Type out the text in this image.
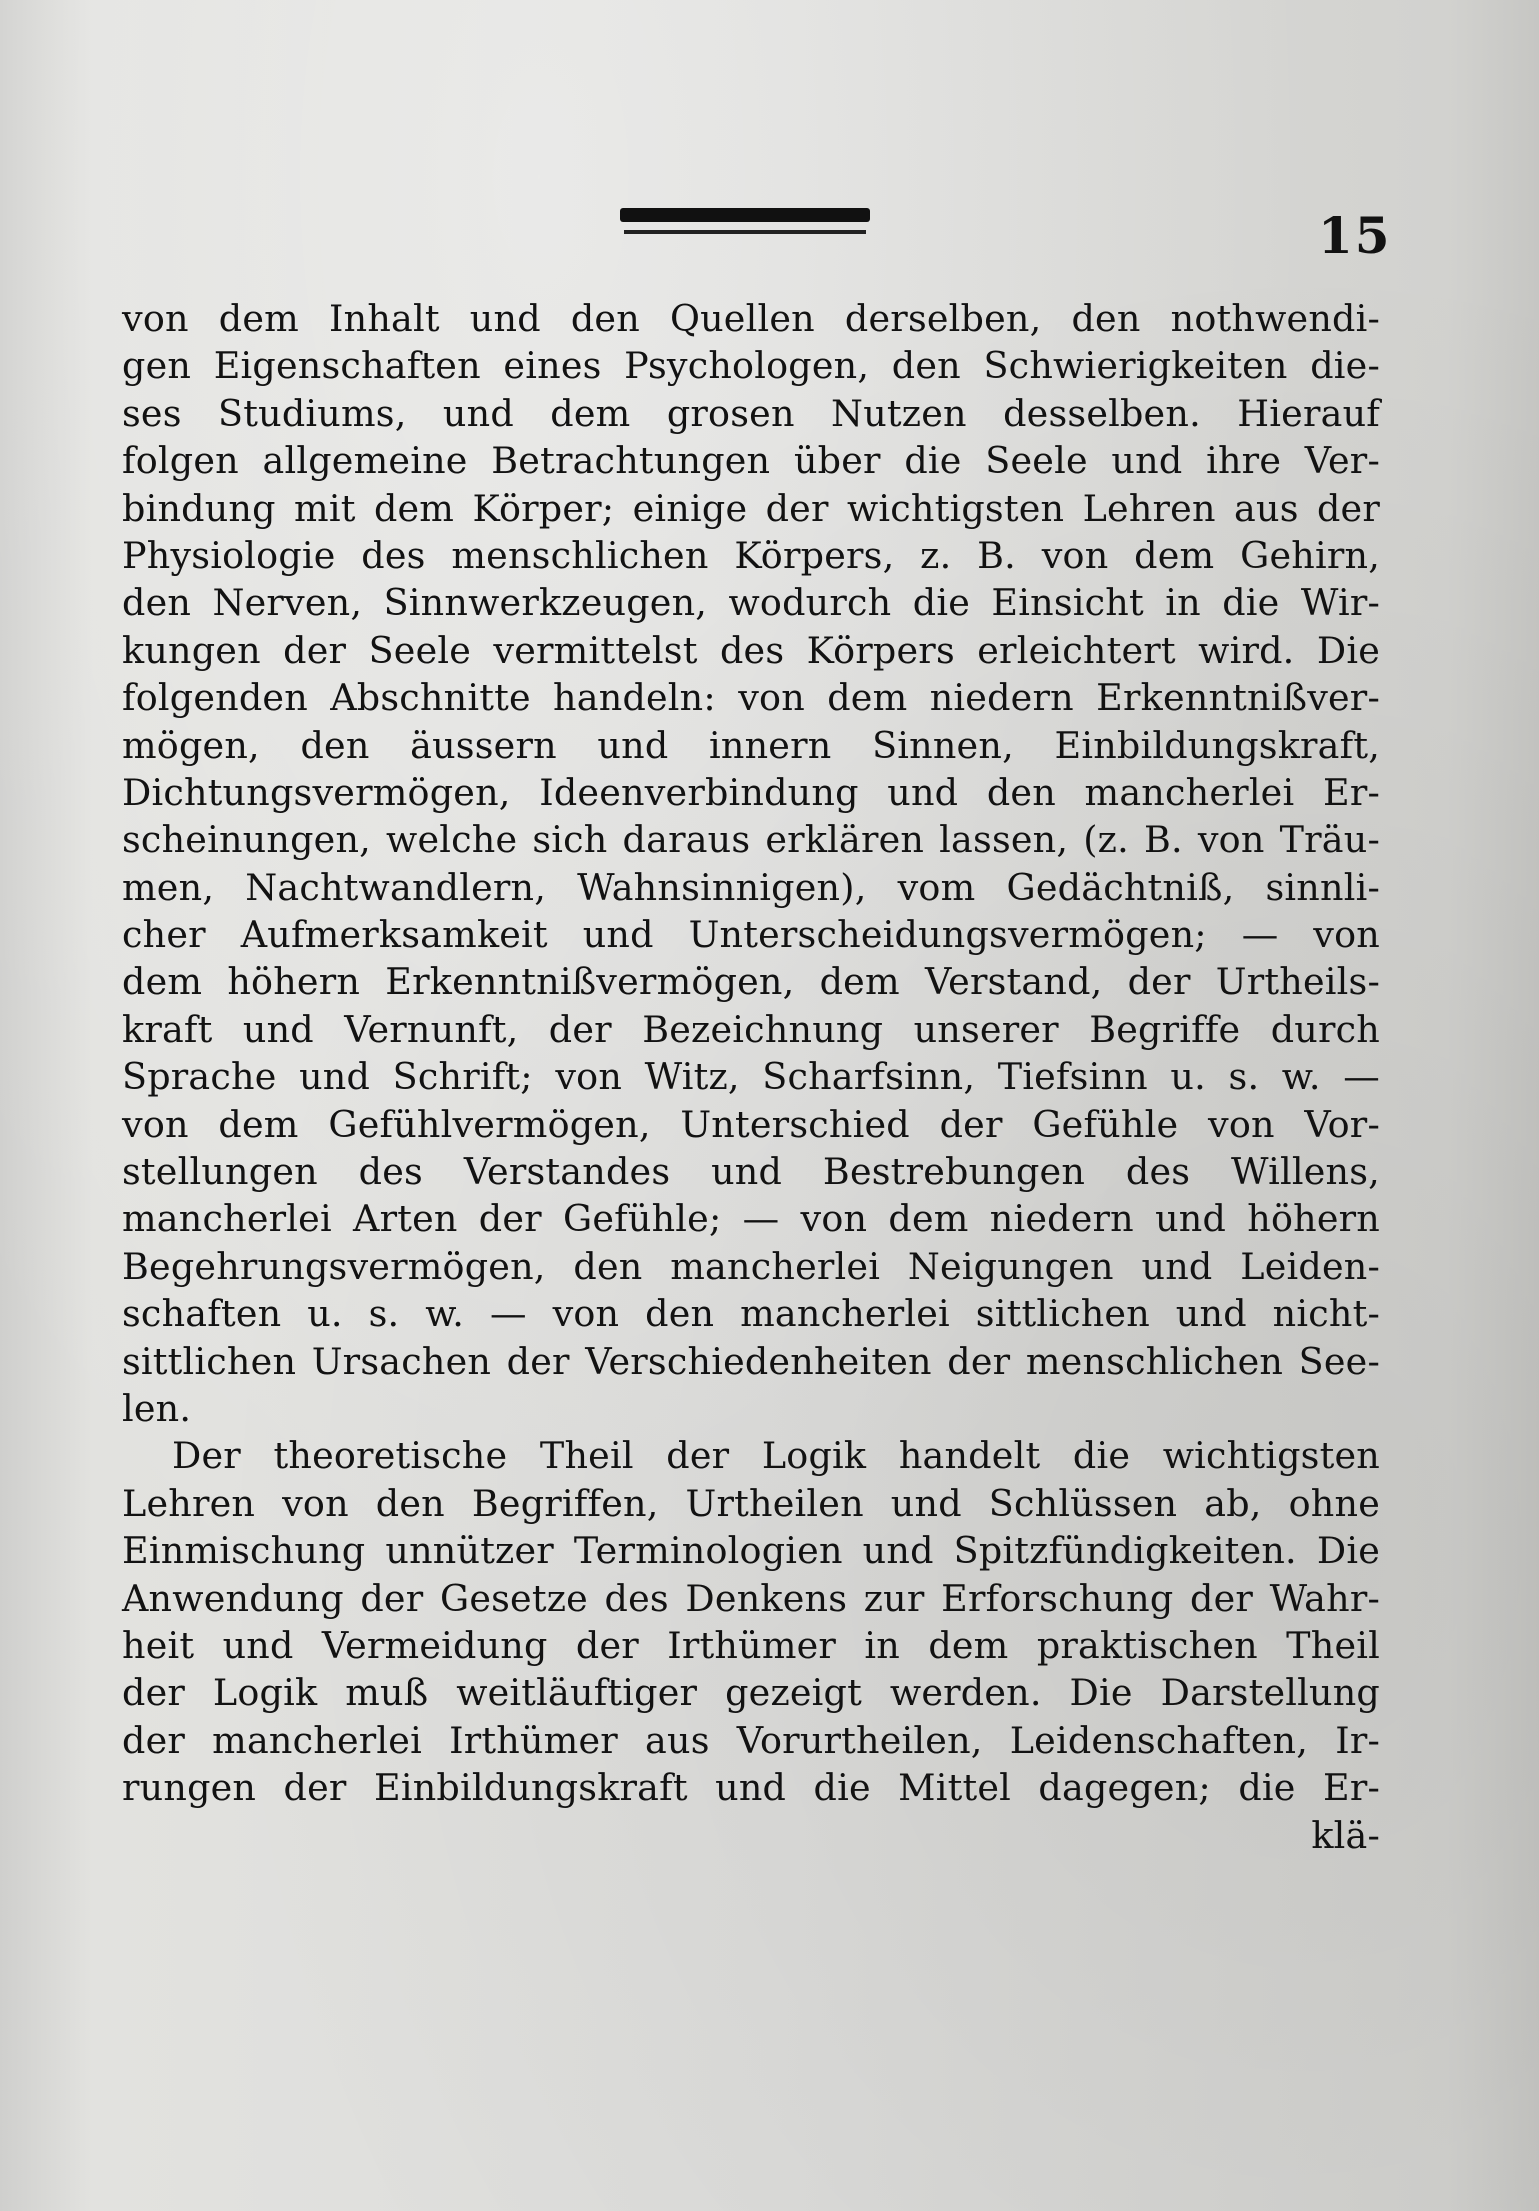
15
von dem Inhalt und den Quellen derselben, den nothwendi-
gen Eigenschaften eines Psychologen, den Schwierigkeiten die-
ses Studiums, und dem grosen Nutzen desselben. Hierauf
folgen allgemeine Betrachtungen über die Seele und ihre Ver-
bindung mit dem Körper; einige der wichtigsten Lehren aus der
Physiologie des menschlichen Körpers, z. B. von dem Gehirn,
den Nerven, Sinnwerkzeugen, wodurch die Einsicht in die Wir-
kungen der Seele vermittelst des Körpers erleichtert wird. Die
folgenden Abschnitte handeln: von dem niedern Erkenntnißver-
mögen, den äussern und innern Sinnen, Einbildungskraft,
Dichtungsvermögen, Ideenverbindung und den mancherlei Er-
scheinungen, welche sich daraus erklären lassen, (z. B. von Träu-
men, Nachtwandlern, Wahnsinnigen), vom Gedächtniß, sinnli-
cher Aufmerksamkeit und Unterscheidungsvermögen; — von
dem höhern Erkenntnißvermögen, dem Verstand, der Urtheils-
kraft und Vernunft, der Bezeichnung unserer Begriffe durch
Sprache und Schrift; von Witz, Scharfsinn, Tiefsinn u. s. w. —
von dem Gefühlvermögen, Unterschied der Gefühle von Vor-
stellungen des Verstandes und Bestrebungen des Willens,
mancherlei Arten der Gefühle; — von dem niedern und höhern
Begehrungsvermögen, den mancherlei Neigungen und Leiden-
schaften u. s. w. — von den mancherlei sittlichen und nicht-
sittlichen Ursachen der Verschiedenheiten der menschlichen See-
len.
Der theoretische Theil der Logik handelt die wichtigsten
Lehren von den Begriffen, Urtheilen und Schlüssen ab, ohne
Einmischung unnützer Terminologien und Spitzfündigkeiten. Die
Anwendung der Gesetze des Denkens zur Erforschung der Wahr-
heit und Vermeidung der Irthümer in dem praktischen Theil
der Logik muß weitläuftiger gezeigt werden. Die Darstellung
der mancherlei Irthümer aus Vorurtheilen, Leidenschaften, Ir-
rungen der Einbildungskraft und die Mittel dagegen; die Er-
klä-
